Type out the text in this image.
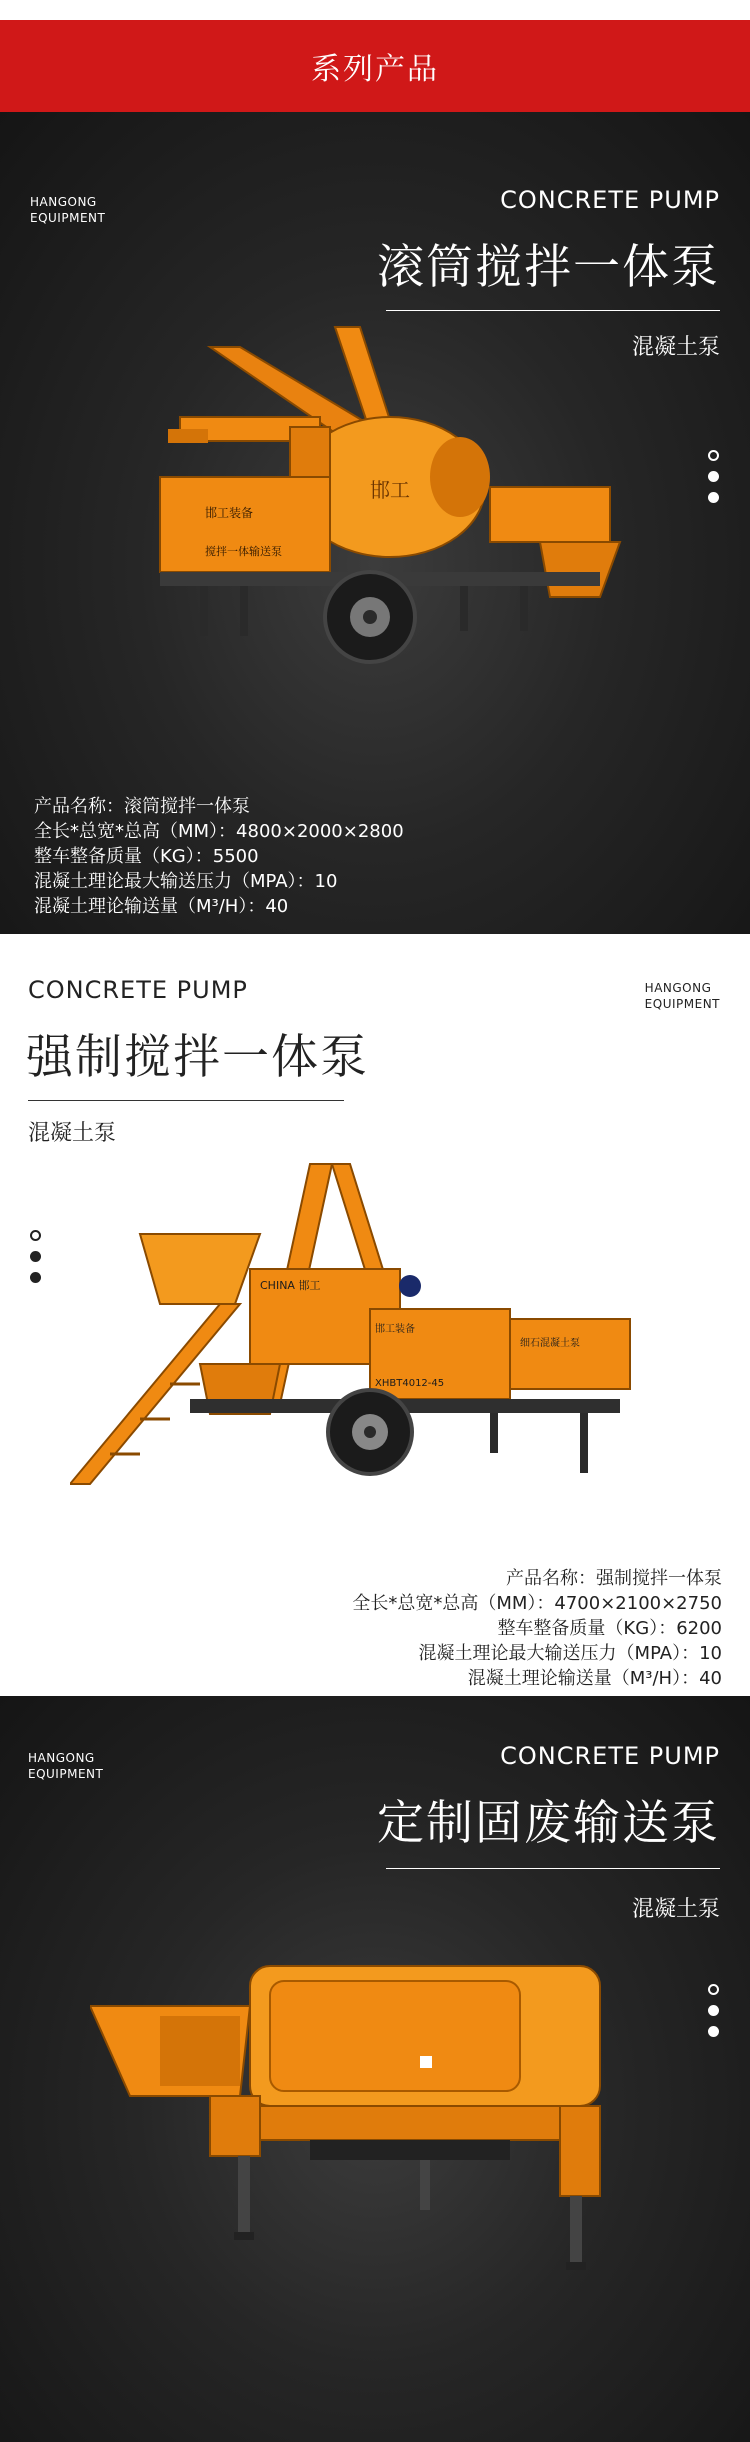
系列产品
HANGONG
EQUIPMENT
CONCRETE PUMP
滚筒搅拌一体泵
混凝土泵
邯工
邯工装备
搅拌一体输送泵
产品名称：滚筒搅拌一体泵
全长*总宽*总高（MM）：4800×2000×2800
整车整备质量（KG）：5500
混凝土理论最大输送压力（MPA）：10
混凝土理论输送量（M³/H）：40
CONCRETE PUMP	HANGONG
EQUIPMENT
强制搅拌一体泵
混凝土泵
CHINA 邯工
邯工装备
XHBT4012-45
细石混凝土泵
产品名称：强制搅拌一体泵
全长*总宽*总高（MM）：4700×2100×2750
整车整备质量（KG）：6200
混凝土理论最大输送压力（MPA）：10
混凝土理论输送量（M³/H）：40
HANGONG
EQUIPMENT
CONCRETE PUMP
定制固废输送泵
混凝土泵
